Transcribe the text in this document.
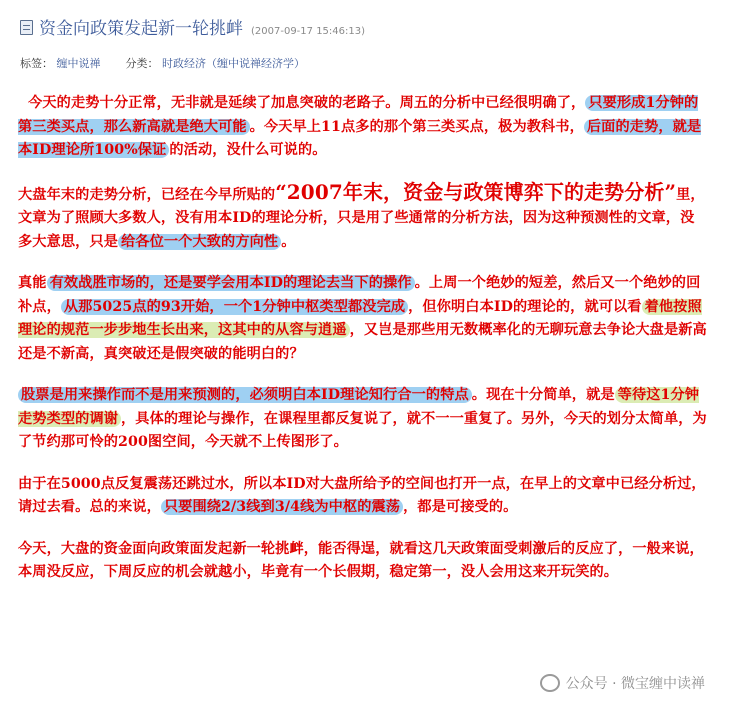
资金向政策发起新一轮挑衅 (2007-09-17 15:46:13)
标签： 缠中说禅 分类： 时政经济（缠中说禅经济学）

今天的走势十分正常，无非就是延续了加息突破的老路子。周五的分析中已经很明确了， 只要形成1分钟的第三类买点，那么新高就是绝大可能 。今天早上11点多的那个第三类买点，极为教科书， 后面的走势，就是本ID理论所100%保证 的活动，没什么可说的。

大盘年末的走势分析，已经在今早所贴的“2007年末，资金与政策博弈下的走势分析”里，文章为了照顾大多数人，没有用本ID的理论分析，只是用了些通常的分析方法，因为这种预测性的文章，没多大意思，只是 给各位一个大致的方向性 。

真能 有效战胜市场的，还是要学会用本ID的理论去当下的操作 。上周一个绝妙的短差，然后又一个绝妙的回补点， 从那5025点的93开始，一个1分钟中枢类型都没完成 ，但你明白本ID的理论的，就可以看 着他按照理论的规范一步步地生长出来，这其中的从容与逍遥 ，又岂是那些用无数概率化的无聊玩意去争论大盘是新高还是不新高，真突破还是假突破的能明白的？

股票是用来操作而不是用来预测的，必须明白本ID理论知行合一的特点 。现在十分简单，就是 等待这1分钟走势类型的调谢 ，具体的理论与操作，在课程里都反复说了，就不一一重复了。另外，今天的划分太简单，为了节约那可怜的200图空间，今天就不上传图形了。

由于在5000点反复震荡还跳过水，所以本ID对大盘所给予的空间也打开一点，在早上的文章中已经分析过，请过去看。总的来说， 只要围绕2/3线到3/4线为中枢的震荡 ，都是可接受的。

今天，大盘的资金面向政策面发起新一轮挑衅，能否得逞，就看这几天政策面受刺激后的反应了，一般来说，本周没反应，下周反应的机会就越小，毕竟有一个长假期，稳定第一，没人会用这来开玩笑的。

公众号 · 微宝缠中读禅
